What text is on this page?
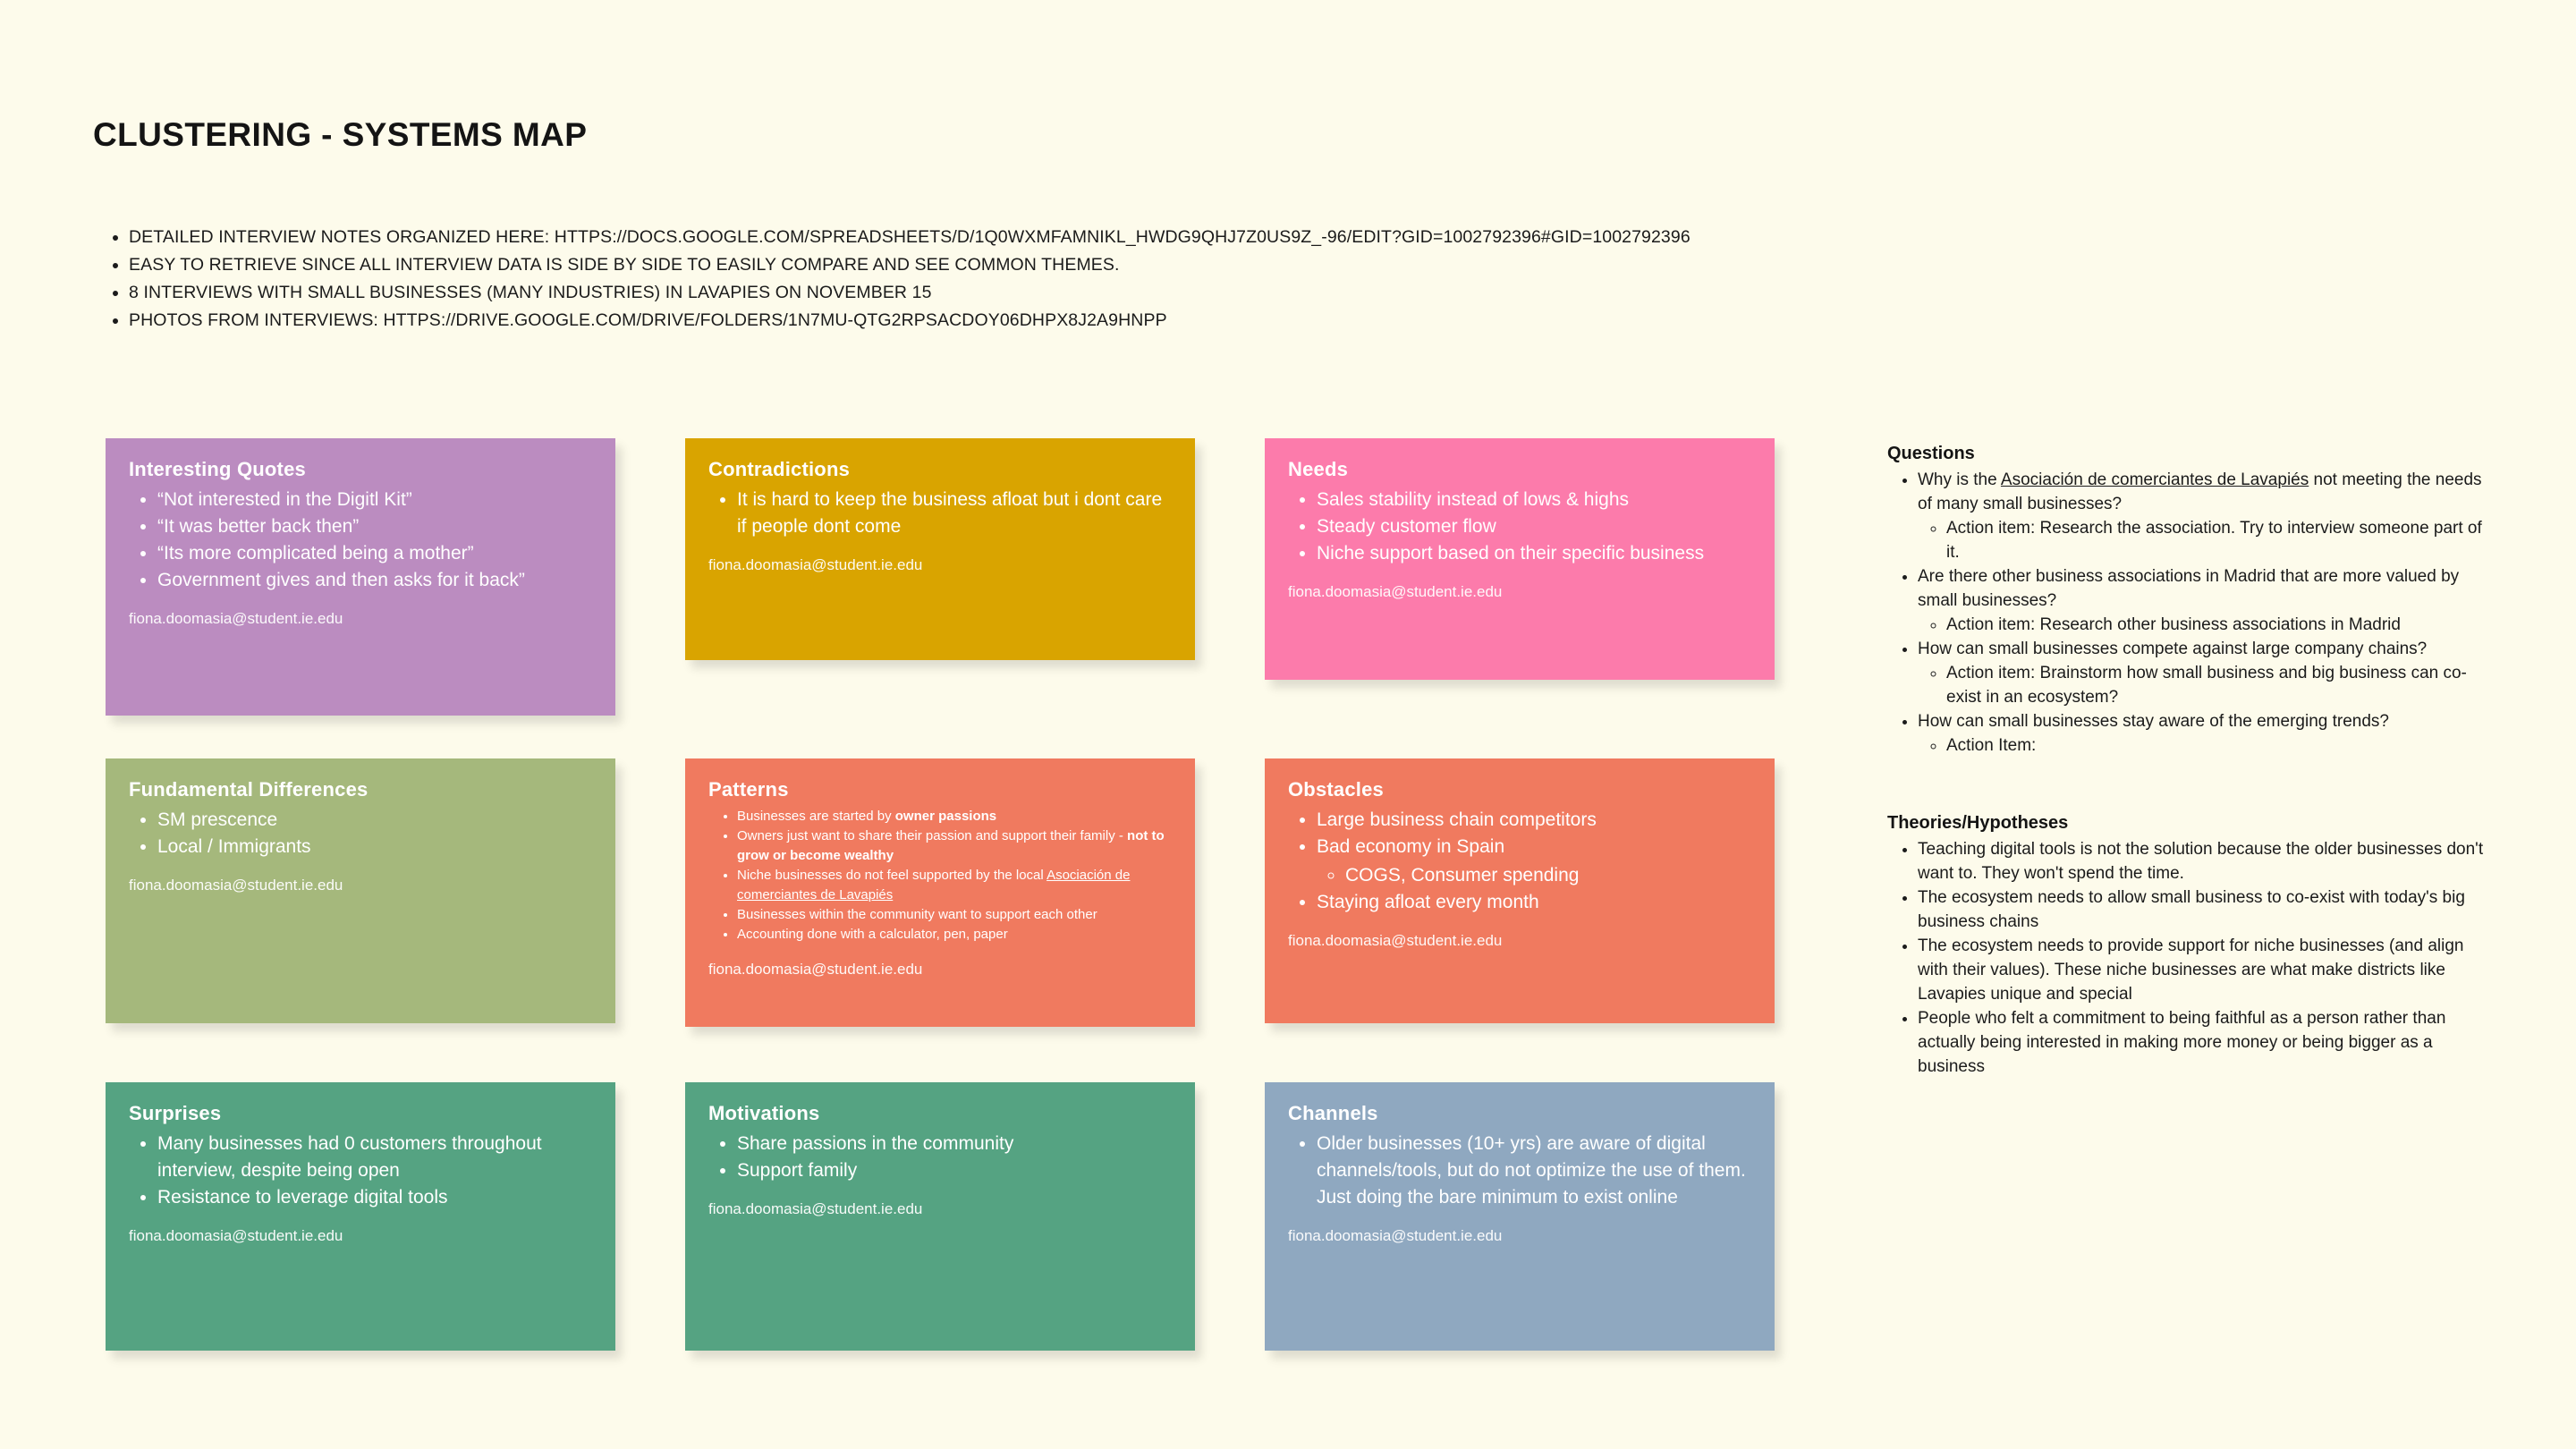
CLUSTERING - SYSTEMS MAP
• DETAILED INTERVIEW NOTES ORGANIZED HERE: HTTPS://DOCS.GOOGLE.COM/SPREADSHEETS/D/1Q0WXMFAMNIKL_HWDG9QHJ7Z0US9Z_-96/EDIT?GID=1002792396#GID=1002792396
• EASY TO RETRIEVE SINCE ALL INTERVIEW DATA IS SIDE BY SIDE TO EASILY COMPARE AND SEE COMMON THEMES.
• 8 INTERVIEWS WITH SMALL BUSINESSES (MANY INDUSTRIES) IN LAVAPIES ON NOVEMBER 15
• PHOTOS FROM INTERVIEWS: HTTPS://DRIVE.GOOGLE.COM/DRIVE/FOLDERS/1N7MU-QTG2RPSACDOY06DHPX8J2A9HNPP
Interesting Quotes
• “Not interested in the Digitl Kit”
• “It was better back then”
• “Its more complicated being a mother”
• Government gives and then asks for it back”
fiona.doomasia@student.ie.edu
Contradictions
• It is hard to keep the business afloat but i dont care if people dont come
fiona.doomasia@student.ie.edu
Needs
• Sales stability instead of lows & highs
• Steady customer flow
• Niche support based on their specific business
fiona.doomasia@student.ie.edu
Fundamental Differences
• SM prescence
• Local / Immigrants
fiona.doomasia@student.ie.edu
Patterns
• Businesses are started by owner passions
• Owners just want to share their passion and support their family - not to grow or become wealthy
• Niche businesses do not feel supported by the local Asociación de comerciantes de Lavapiés
• Businesses within the community want to support each other
• Accounting done with a calculator, pen, paper
fiona.doomasia@student.ie.edu
Obstacles
• Large business chain competitors
• Bad economy in Spain
◦ COGS, Consumer spending
• Staying afloat every month
fiona.doomasia@student.ie.edu
Surprises
• Many businesses had 0 customers throughout interview, despite being open
• Resistance to leverage digital tools
fiona.doomasia@student.ie.edu
Motivations
• Share passions in the community
• Support family
fiona.doomasia@student.ie.edu
Channels
• Older businesses (10+ yrs) are aware of digital channels/tools, but do not optimize the use of them. Just doing the bare minimum to exist online
fiona.doomasia@student.ie.edu
Questions
• Why is the Asociación de comerciantes de Lavapiés not meeting the needs of many small businesses?
◦ Action item: Research the association. Try to interview someone part of it.
• Are there other business associations in Madrid that are more valued by small businesses?
◦ Action item: Research other business associations in Madrid
• How can small businesses compete against large company chains?
◦ Action item: Brainstorm how small business and big business can co-exist in an ecosystem?
• How can small businesses stay aware of the emerging trends?
◦ Action Item:
Theories/Hypotheses
• Teaching digital tools is not the solution because the older businesses don't want to. They won't spend the time.
• The ecosystem needs to allow small business to co-exist with today's big business chains
• The ecosystem needs to provide support for niche businesses (and align with their values). These niche businesses are what make districts like Lavapies unique and special
• People who felt a commitment to being faithful as a person rather than actually being interested in making more money or being bigger as a business
